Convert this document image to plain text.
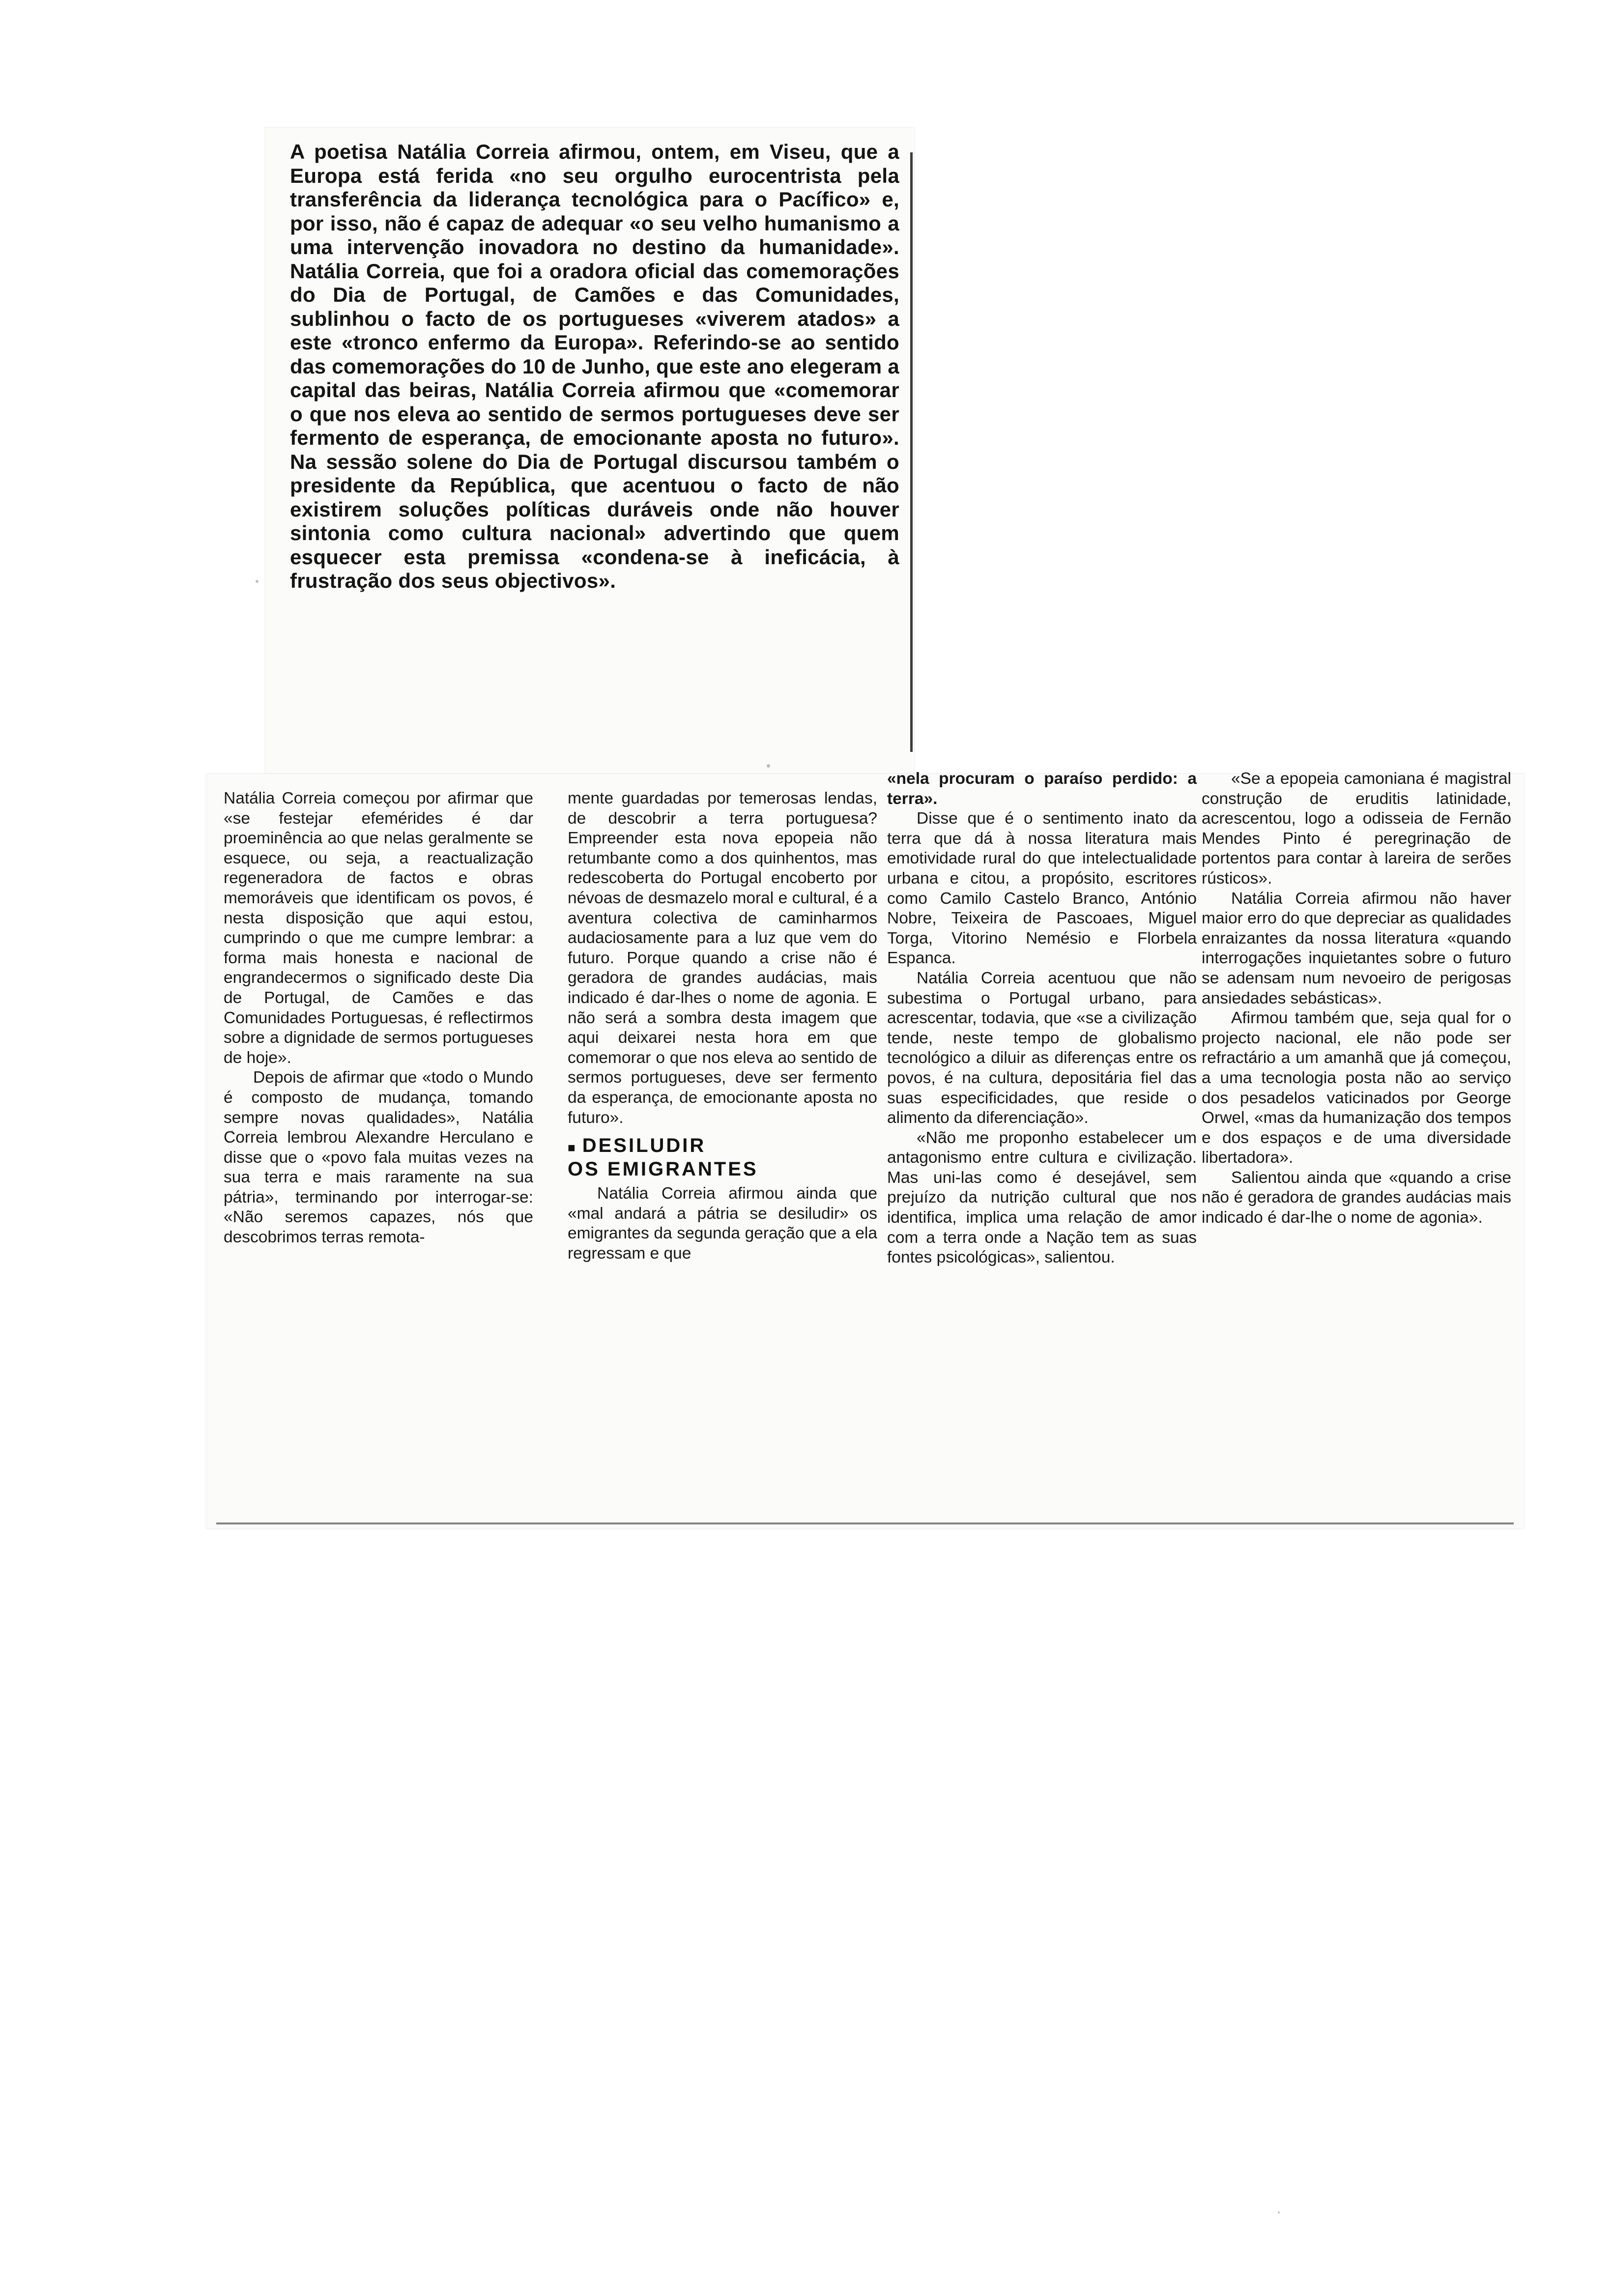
A poetisa Natália Correia afirmou, ontem, em Viseu, que a Europa está ferida «no seu orgulho eurocentrista pela transferência da liderança tecnológica para o Pacífico» e, por isso, não é capaz de adequar «o seu velho humanismo a uma intervenção inovadora no destino da humanidade». Natália Correia, que foi a oradora oficial das comemorações do Dia de Portugal, de Camões e das Comunidades, sublinhou o facto de os portugueses «viverem atados» a este «tronco enfermo da Europa». Referindo-se ao sentido das comemorações do 10 de Junho, que este ano elegeram a capital das beiras, Natália Correia afirmou que «comemorar o que nos eleva ao sentido de sermos portugueses deve ser fermento de esperança, de emocionante aposta no futuro». Na sessão solene do Dia de Portugal discursou também o presidente da República, que acentuou o facto de não existirem soluções políticas duráveis onde não houver sintonia como cultura nacional» advertindo que quem esquecer esta premissa «condena-se à ineficácia, à frustração dos seus objectivos».

Natália Correia começou por afirmar que «se festejar efemérides é dar proeminência ao que nelas geralmente se esquece, ou seja, a reactualização regeneradora de factos e obras memoráveis que identificam os povos, é nesta disposição que aqui estou, cumprindo o que me cumpre lembrar: a forma mais honesta e nacional de engrandecermos o significado deste Dia de Portugal, de Camões e das Comunidades Portuguesas, é reflectirmos sobre a dignidade de sermos portugueses de hoje».

Depois de afirmar que «todo o Mundo é composto de mudança, tomando sempre novas qualidades», Natália Correia lembrou Alexandre Herculano e disse que o «povo fala muitas vezes na sua terra e mais raramente na sua pátria», terminando por interrogar-se: «Não seremos capazes, nós que descobrimos terras remota-

mente guardadas por temerosas lendas, de descobrir a terra portuguesa? Empreender esta nova epopeia não retumbante como a dos quinhentos, mas redescoberta do Portugal encoberto por névoas de desmazelo moral e cultural, é a aventura colectiva de caminharmos audaciosamente para a luz que vem do futuro. Porque quando a crise não é geradora de grandes audácias, mais indicado é dar-lhes o nome de agonia. E não será a sombra desta imagem que aqui deixarei nesta hora em que comemorar o que nos eleva ao sentido de sermos portugueses, deve ser fermento da esperança, de emocionante aposta no futuro».

■ DESILUDIR
OS EMIGRANTES

Natália Correia afirmou ainda que «mal andará a pátria se desiludir» os emigrantes da segunda geração que a ela regressam e que

«nela procuram o paraíso perdido: a terra».

Disse que é o sentimento inato da terra que dá à nossa literatura mais emotividade rural do que intelectualidade urbana e citou, a propósito, escritores como Camilo Castelo Branco, António Nobre, Teixeira de Pascoaes, Miguel Torga, Vitorino Nemésio e Florbela Espanca.

Natália Correia acentuou que não subestima o Portugal urbano, para acrescentar, todavia, que «se a civilização tende, neste tempo de globalismo tecnológico a diluir as diferenças entre os povos, é na cultura, depositária fiel das suas especificidades, que reside o alimento da diferenciação».

«Não me proponho estabelecer um antagonismo entre cultura e civilização. Mas uni-las como é desejável, sem prejuízo da nutrição cultural que nos identifica, implica uma relação de amor com a terra onde a Nação tem as suas fontes psicológicas», salientou.

«Se a epopeia camoniana é magistral construção de eruditis latinidade, acrescentou, logo a odisseia de Fernão Mendes Pinto é peregrinação de portentos para contar à lareira de serões rústicos».

Natália Correia afirmou não haver maior erro do que depreciar as qualidades enraizantes da nossa literatura «quando interrogações inquietantes sobre o futuro se adensam num nevoeiro de perigosas ansiedades sebásticas».

Afirmou também que, seja qual for o projecto nacional, ele não pode ser refractário a um amanhã que já começou, a uma tecnologia posta não ao serviço dos pesadelos vaticinados por George Orwel, «mas da humanização dos tempos e dos espaços e de uma diversidade libertadora».

Salientou ainda que «quando a crise não é geradora de grandes audácias mais indicado é dar-lhe o nome de agonia».
